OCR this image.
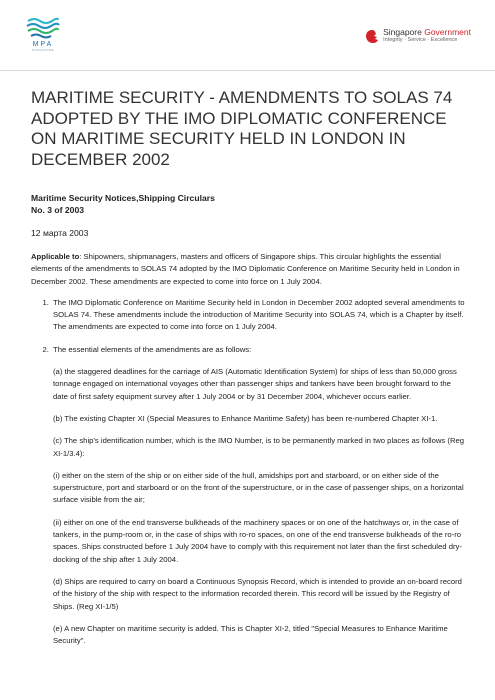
MPA
SINGAPORE
Singapore Government
Integrity · Service · Excellence
MARITIME SECURITY - AMENDMENTS TO SOLAS 74 ADOPTED BY THE IMO DIPLOMATIC CONFERENCE ON MARITIME SECURITY HELD IN LONDON IN DECEMBER 2002
Maritime Security Notices,Shipping Circulars
No. 3 of 2003
12 марта 2003

Applicable to: Shipowners, shipmanagers, masters and officers of Singapore ships. This circular highlights the essential elements of the amendments to SOLAS 74 adopted by the IMO Diplomatic Conference on Maritime Security held in London in December 2002. These amendments are expected to come into force on 1 July 2004.

1. The IMO Diplomatic Conference on Maritime Security held in London in December 2002 adopted several amendments to SOLAS 74. These amendments include the introduction of Maritime Security into SOLAS 74, which is a Chapter by itself. The amendments are expected to come into force on 1 July 2004.
2. The essential elements of the amendments are as follows:

(a) the staggered deadlines for the carriage of AIS (Automatic Identification System) for ships of less than 50,000 gross tonnage engaged on international voyages other than passenger ships and tankers have been brought forward to the date of first safety equipment survey after 1 July 2004 or by 31 December 2004, whichever occurs earlier.

(b) The existing Chapter XI (Special Measures to Enhance Maritime Safety) has been re-numbered Chapter XI-1.

(c) The ship's identification number, which is the IMO Number, is to be permanently marked in two places as follows (Reg XI-1/3.4):

(i) either on the stern of the ship or on either side of the hull, amidships port and starboard, or on either side of the superstructure, port and starboard or on the front of the superstructure, or in the case of passenger ships, on a horizontal surface visible from the air;

(ii) either on one of the end transverse bulkheads of the machinery spaces or on one of the hatchways or, in the case of tankers, in the pump-room or, in the case of ships with ro-ro spaces, on one of the end transverse bulkheads of the ro-ro spaces. Ships constructed before 1 July 2004 have to comply with this requirement not later than the first scheduled dry-docking of the ship after 1 July 2004.

(d) Ships are required to carry on board a Continuous Synopsis Record, which is intended to provide an on-board record of the history of the ship with respect to the information recorded therein. This record will be issued by the Registry of Ships. (Reg XI-1/5)

(e) A new Chapter on maritime security is added. This is Chapter XI-2, titled "Special Measures to Enhance Maritime Security".
